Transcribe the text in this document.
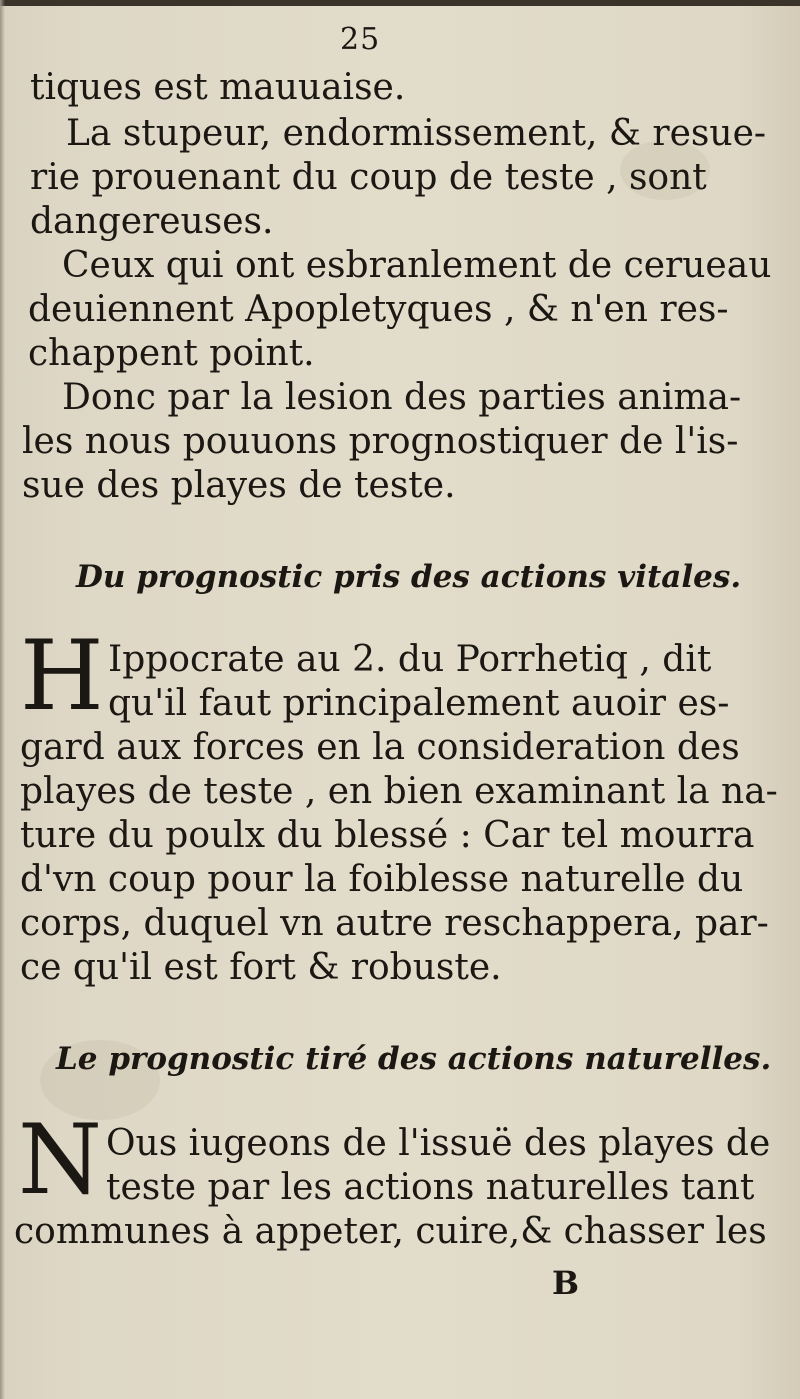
25
tiques est mauuaise.
La stupeur, endormissement, & resue-
rie prouenant du coup de teste , sont
dangereuses.
Ceux qui ont esbranlement de cerueau
deuiennent Apopletyques , & n'en res-
chappent point.
Donc par la lesion des parties anima-
les nous pouuons prognostiquer de l'is-
sue des playes de teste.
Du prognostic pris des actions vitales.
H Ippocrate au 2. du Porrhetiq , dit
qu'il faut principalement auoir es-
gard aux forces en la consideration des
playes de teste , en bien examinant la na-
ture du poulx du blessé : Car tel mourra
d'vn coup pour la foiblesse naturelle du
corps, duquel vn autre reschappera, par-
ce qu'il est fort & robuste.
Le prognostic tiré des actions naturelles.
N Ous iugeons de l'issuë des playes de
teste par les actions naturelles tant
communes à appeter, cuire,& chasser les
B
